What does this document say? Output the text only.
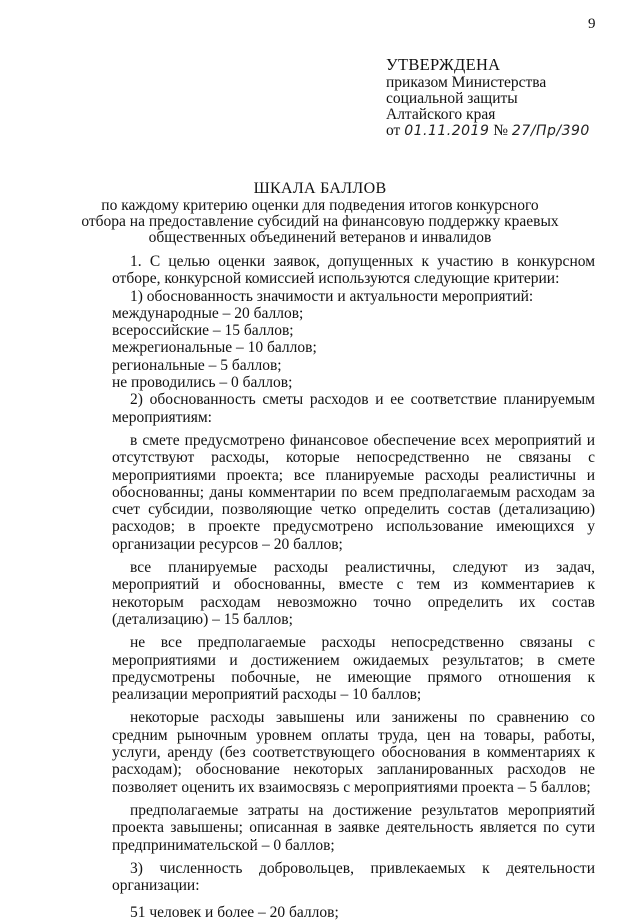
9
УТВЕРЖДЕНА
приказом Министерства
социальной защиты
Алтайского края
от 01.11.2019 № 27/Пр/390
ШКАЛА БАЛЛОВ
по каждому критерию оценки для подведения итогов конкурсного отбора на предоставление субсидий на финансовую поддержку краевых общественных объединений ветеранов и инвалидов

1. С целью оценки заявок, допущенных к участию в конкурсном отборе, конкурсной комиссией используются следующие критерии:

1) обоснованность значимости и актуальности мероприятий:

международные – 20 баллов;

всероссийские – 15 баллов;

межрегиональные – 10 баллов;

региональные – 5 баллов;

не проводились – 0 баллов;

2) обоснованность сметы расходов и ее соответствие планируемым мероприятиям:

в смете предусмотрено финансовое обеспечение всех мероприятий и отсутствуют расходы, которые непосредственно не связаны с мероприятиями проекта; все планируемые расходы реалистичны и обоснованны; даны комментарии по всем предполагаемым расходам за счет субсидии, позволяющие четко определить состав (детализацию) расходов; в проекте предусмотрено использование имеющихся у организации ресурсов – 20 баллов;

все планируемые расходы реалистичны, следуют из задач, мероприятий и обоснованны, вместе с тем из комментариев к некоторым расходам невозможно точно определить их состав (детализацию) – 15 баллов;

не все предполагаемые расходы непосредственно связаны с мероприятиями и достижением ожидаемых результатов; в смете предусмотрены побочные, не имеющие прямого отношения к реализации мероприятий расходы – 10 баллов;

некоторые расходы завышены или занижены по сравнению со средним рыночным уровнем оплаты труда, цен на товары, работы, услуги, аренду (без соответствующего обоснования в комментариях к расходам); обоснование некоторых запланированных расходов не позволяет оценить их взаимосвязь с мероприятиями проекта – 5 баллов;

предполагаемые затраты на достижение результатов мероприятий проекта завышены; описанная в заявке деятельность является по сути предпринимательской – 0 баллов;

3) численность добровольцев, привлекаемых к деятельности организации:

51 человек и более – 20 баллов;
